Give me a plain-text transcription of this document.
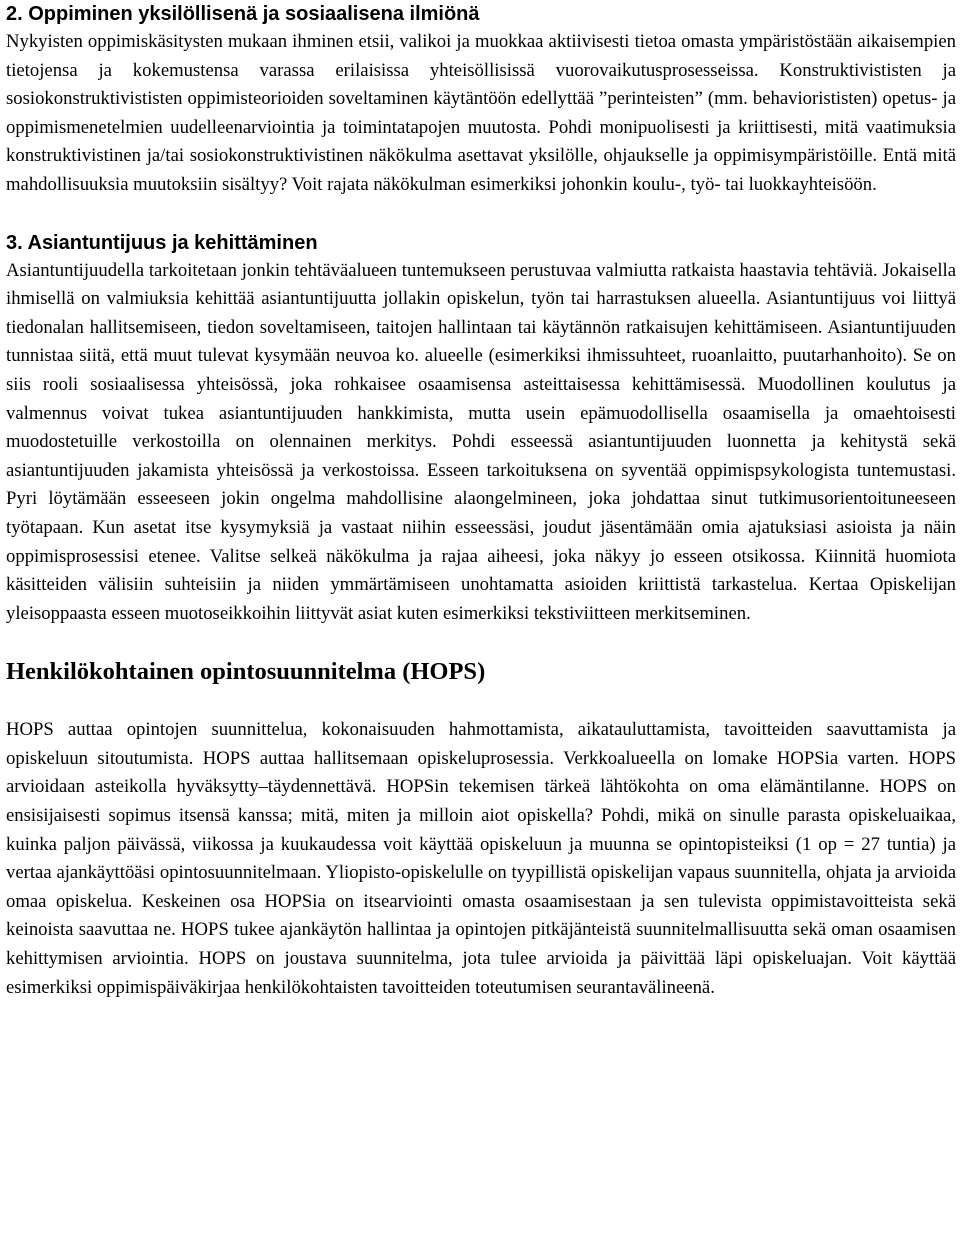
2. Oppiminen yksilöllisenä ja sosiaalisena ilmiönä

Nykyisten oppimiskäsitysten mukaan ihminen etsii, valikoi ja muokkaa aktiivisesti tietoa omasta ympäristöstään aikaisempien tietojensa ja kokemustensa varassa erilaisissa yhteisöllisissä vuorovaikutusprosesseissa. Konstruktivististen ja sosiokonstruktivististen oppimisteorioiden soveltaminen käytäntöön edellyttää ”perinteisten” (mm. behaviorististen) opetus- ja oppimismenetelmien uudelleenarviointia ja toimintatapojen muutosta. Pohdi monipuolisesti ja kriittisesti, mitä vaatimuksia konstruktivistinen ja/tai sosiokonstruktivistinen näkökulma asettavat yksilölle, ohjaukselle ja oppimisympäristöille. Entä mitä mahdollisuuksia muutoksiin sisältyy? Voit rajata näkökulman esimerkiksi johonkin koulu-, työ- tai luokkayhteisöön.

3. Asiantuntijuus ja kehittäminen

Asiantuntijuudella tarkoitetaan jonkin tehtäväalueen tuntemukseen perustuvaa valmiutta ratkaista haastavia tehtäviä. Jokaisella ihmisellä on valmiuksia kehittää asiantuntijuutta jollakin opiskelun, työn tai harrastuksen alueella. Asiantuntijuus voi liittyä tiedonalan hallitsemiseen, tiedon soveltamiseen, taitojen hallintaan tai käytännön ratkaisujen kehittämiseen. Asiantuntijuuden tunnistaa siitä, että muut tulevat kysymään neuvoa ko. alueelle (esimerkiksi ihmissuhteet, ruoanlaitto, puutarhanhoito). Se on siis rooli sosiaalisessa yhteisössä, joka rohkaisee osaamisensa asteittaisessa kehittämisessä. Muodollinen koulutus ja valmennus voivat tukea asiantuntijuuden hankkimista, mutta usein epämuodollisella osaamisella ja omaehtoisesti muodostetuille verkostoilla on olennainen merkitys. Pohdi esseessä asiantuntijuuden luonnetta ja kehitystä sekä asiantuntijuuden jakamista yhteisössä ja verkostoissa. Esseen tarkoituksena on syventää oppimispsykologista tuntemustasi. Pyri löytämään esseeseen jokin ongelma mahdollisine alaongelmineen, joka johdattaa sinut tutkimusorientoituneeseen työtapaan. Kun asetat itse kysymyksiä ja vastaat niihin esseessäsi, joudut jäsentämään omia ajatuksiasi asioista ja näin oppimisprosessisi etenee. Valitse selkeä näkökulma ja rajaa aiheesi, joka näkyy jo esseen otsikossa. Kiinnitä huomiota käsitteiden välisiin suhteisiin ja niiden ymmärtämiseen unohtamatta asioiden kriittistä tarkastelua. Kertaa Opiskelijan yleisoppaasta esseen muotoseikkoihin liittyvät asiat kuten esimerkiksi tekstiviitteen merkitseminen.

Henkilökohtainen opintosuunnitelma (HOPS)

HOPS auttaa opintojen suunnittelua, kokonaisuuden hahmottamista, aikatauluttamista, tavoitteiden saavuttamista ja opiskeluun sitoutumista. HOPS auttaa hallitsemaan opiskeluprosessia. Verkkoalueella on lomake HOPSia varten. HOPS arvioidaan asteikolla hyväksytty–täydennettävä. HOPSin tekemisen tärkeä lähtökohta on oma elämäntilanne. HOPS on ensisijaisesti sopimus itsensä kanssa; mitä, miten ja milloin aiot opiskella? Pohdi, mikä on sinulle parasta opiskeluaikaa, kuinka paljon päivässä, viikossa ja kuukaudessa voit käyttää opiskeluun ja muunna se opintopisteiksi (1 op = 27 tuntia) ja vertaa ajankäyttöäsi opintosuunnitelmaan. Yliopisto-opiskelulle on tyypillistä opiskelijan vapaus suunnitella, ohjata ja arvioida omaa opiskelua. Keskeinen osa HOPSia on itsearviointi omasta osaamisestaan ja sen tulevista oppimistavoitteista sekä keinoista saavuttaa ne. HOPS tukee ajankäytön hallintaa ja opintojen pitkäjänteistä suunnitelmallisuutta sekä oman osaamisen kehittymisen arviointia. HOPS on joustava suunnitelma, jota tulee arvioida ja päivittää läpi opiskeluajan. Voit käyttää esimerkiksi oppimispäiväkirjaa henkilökohtaisten tavoitteiden toteutumisen seurantavälineenä.
